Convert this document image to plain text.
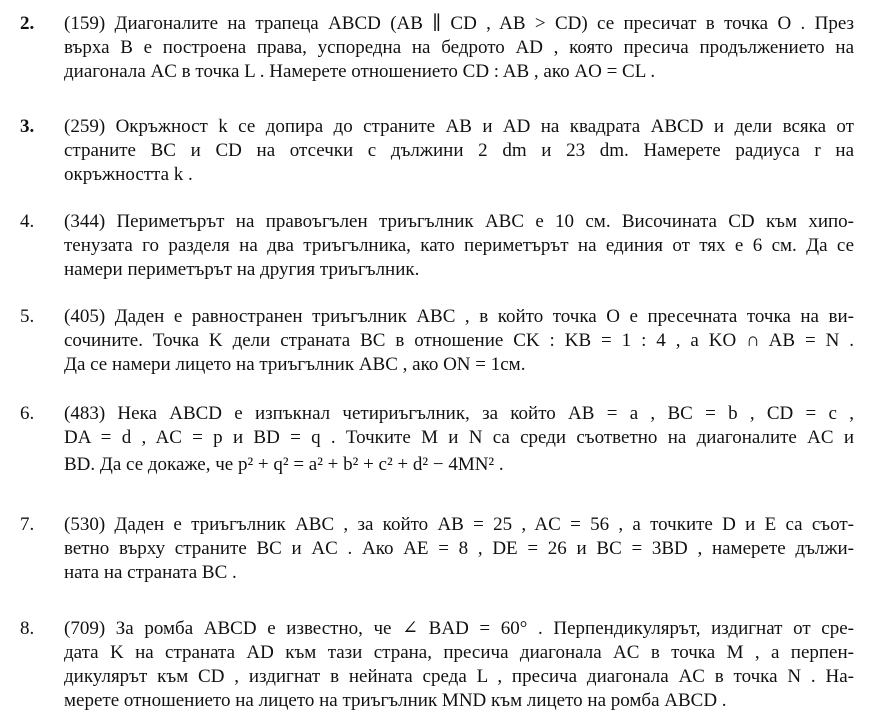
2. (159) Диагоналите на трапеца ABCD (AB ∥ CD , AB > CD) се пресичат в точка O . През
върха B е построена права, успоредна на бедрото AD , която пресича продължението на
диагонала AC в точка L . Намерете отношението CD : AB , ако AO = CL .
3. (259) Окръжност k се допира до страните AB и AD на квадрата ABCD и дели всяка от
страните BC и CD на отсечки с дължини 2 dm и 23 dm. Намерете радиуса r на
окръжността k .
4. (344) Периметърът на правоъгълен триъгълник ABC е 10 см. Височината CD към хипо-
тенузата го разделя на два триъгълника, като периметърът на единия от тях е 6 см. Да се
намери периметърът на другия триъгълник.
5. (405) Даден е равностранен триъгълник ABC , в който точка O е пресечната точка на ви-
сочините. Точка K дели страната BC в отношение CK : KB = 1 : 4 , а KO ∩ AB = N .
Да се намери лицето на триъгълник ABC , ако ON = 1см.
6. (483) Нека ABCD е изпъкнал четириъгълник, за който AB = a , BC = b , CD = c ,
DA = d , AC = p и BD = q . Точките M и N са среди съответно на диагоналите AC и
BD. Да се докаже, че p² + q² = a² + b² + c² + d² − 4MN² .
7. (530) Даден е триъгълник ABC , за който AB = 25 , AC = 56 , а точките D и E са съот-
ветно върху страните BC и AC . Ако AE = 8 , DE = 26 и BC = 3BD , намерете дължи-
ната на страната BC .
8. (709) За ромба ABCD е известно, че ∠ BAD = 60° . Перпендикулярът, издигнат от сре-
дата K на страната AD към тази страна, пресича диагонала AC в точка M , а перпен-
дикулярът към CD , издигнат в нейната среда L , пресича диагонала AC в точка N . На-
мерете отношението на лицето на триъгълник MND към лицето на ромба ABCD .
